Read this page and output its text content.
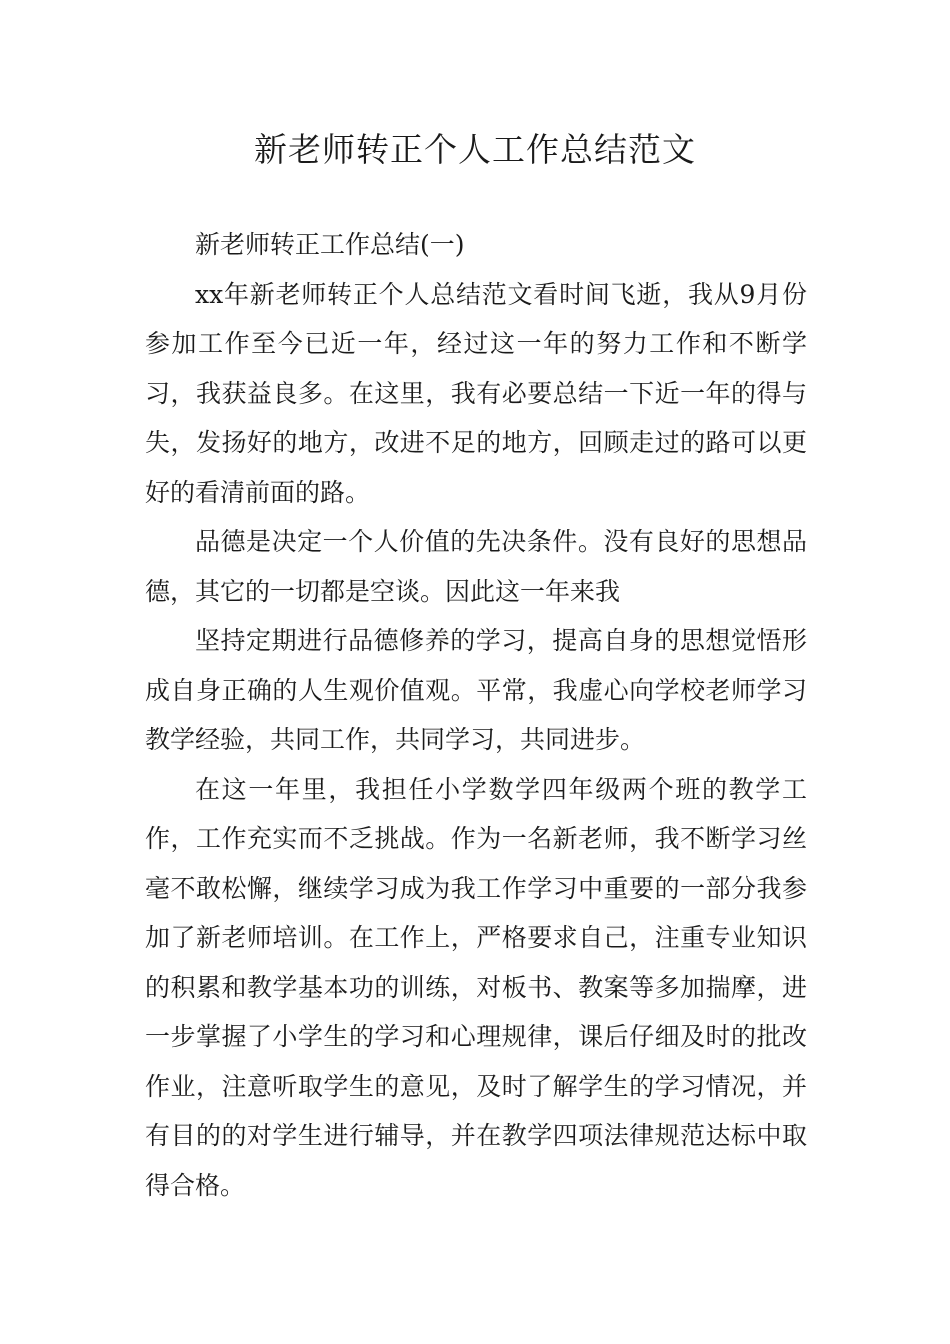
新老师转正个人工作总结范文

新老师转正工作总结(一)

xx年新老师转正个人总结范文看时间飞逝，我从9月份参加工作至今已近一年，经过这一年的努力工作和不断学习，我获益良多。在这里，我有必要总结一下近一年的得与失，发扬好的地方，改进不足的地方，回顾走过的路可以更好的看清前面的路。

品德是决定一个人价值的先决条件。没有良好的思想品德，其它的一切都是空谈。因此这一年来我

坚持定期进行品德修养的学习，提高自身的思想觉悟形成自身正确的人生观价值观。平常，我虚心向学校老师学习教学经验，共同工作，共同学习，共同进步。

在这一年里，我担任小学数学四年级两个班的教学工作，工作充实而不乏挑战。作为一名新老师，我不断学习丝毫不敢松懈，继续学习成为我工作学习中重要的一部分我参加了新老师培训。在工作上，严格要求自己，注重专业知识的积累和教学基本功的训练，对板书、教案等多加揣摩，进一步掌握了小学生的学习和心理规律，课后仔细及时的批改作业，注意听取学生的意见，及时了解学生的学习情况，并有目的的对学生进行辅导，并在教学四项法律规范达标中取得合格。
